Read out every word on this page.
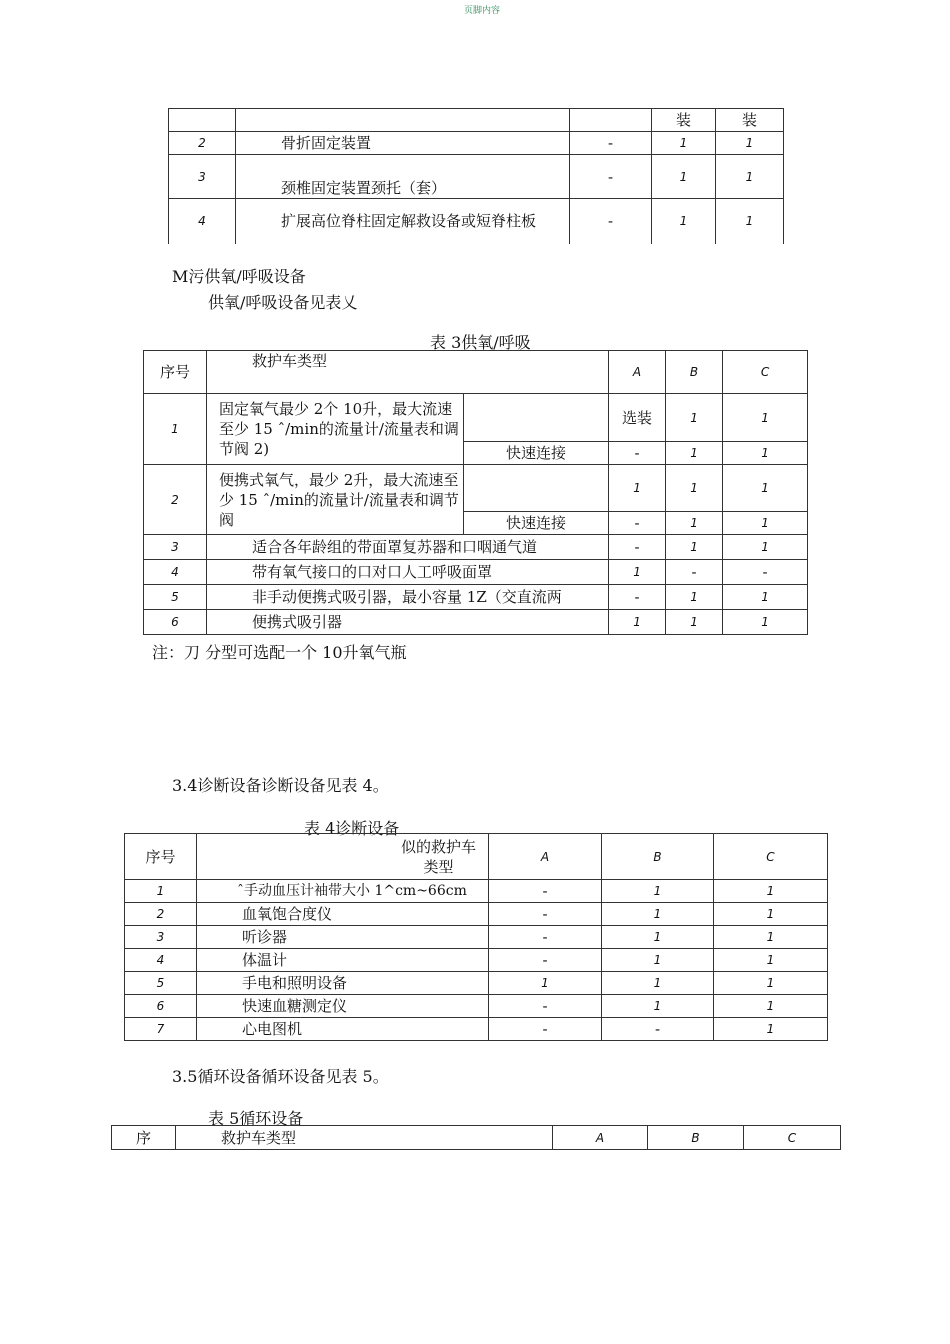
页脚内容
			装	装
2	骨折固定装置	-	1	1
3	颈椎固定装置颈托（套）	-	1	1
4	扩展高位脊柱固定解救设备或短脊柱板	-	1	1
M污供氧/呼吸设备
供氧/呼吸设备见表乂
表 3供氧/呼吸
序号	救护车类型		A	B	C
1	固定氧气最少 2个 10升，最大流速至少 15 ˆ/min的流量计/流量表和调节阀 2)		选装	1	1
		快速连接	-	1	1
2	便携式氧气，最少 2升，最大流速至少 15 ˆ/min的流量计/流量表和调节阀		1	1	1
		快速连接	-	1	1
3	适合各年龄组的带面罩复苏器和口咽通气道		-	1	1
4	带有氧气接口的口对口人工呼吸面罩		1	-	-
5	非手动便携式吸引器，最小容量 1Z（交直流两		-	1	1
6	便携式吸引器		1	1	1
注：刀 分型可选配一个 10升氧气瓶
3.4诊断设备诊断设备见表 4。
表 4诊断设备
序号	似的救护车类型	A	B	C
1	ˆ手动血压计袖带大小 1^cm~66cm	-	1	1
2	血氧饱合度仪	-	1	1
3	听诊器	-	1	1
4	体温计	-	1	1
5	手电和照明设备	1	1	1
6	快速血糖测定仪	-	1	1
7	心电图机	-	-	1
3.5循环设备循环设备见表 5。
表 5循环设备
序	救护车类型	A	B	C
